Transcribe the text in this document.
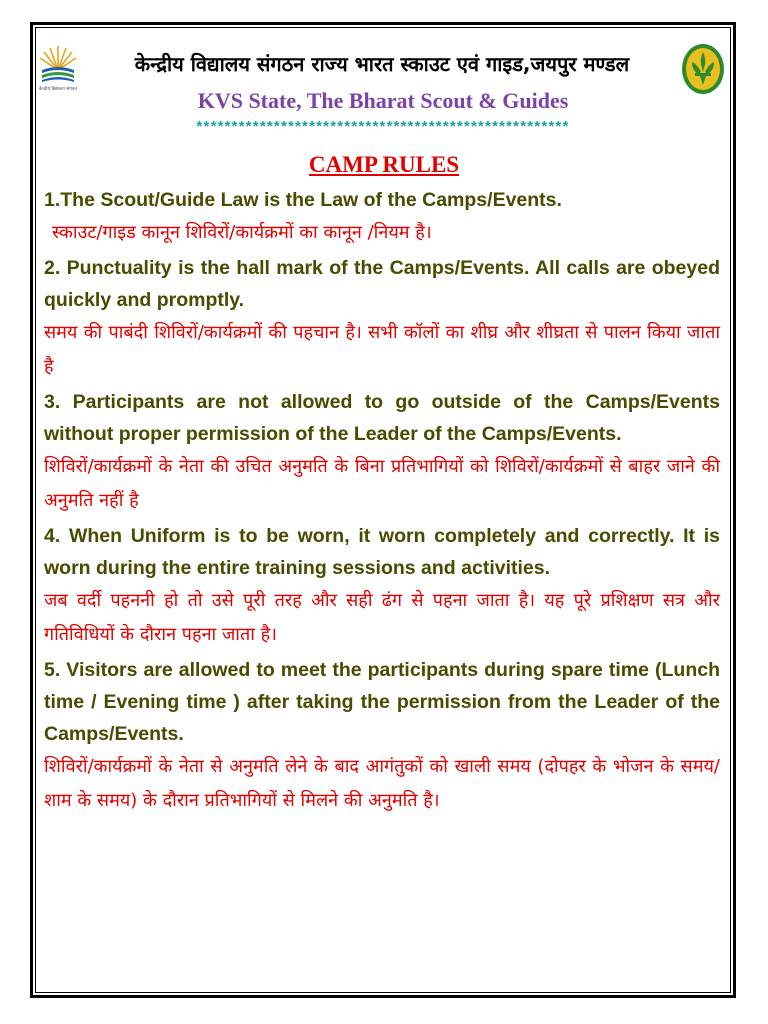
केन्द्रीय विद्यालय संगठन
केन्द्रीय विद्यालय संगठन राज्य भारत स्काउट एवं गाइड,जयपुर मण्डल
KVS State, The Bharat Scout & Guides
*****************************************************
CAMP RULES

1.The Scout/Guide Law is the Law of the Camps/Events.

स्काउट/गाइड कानून शिविरों/कार्यक्रमों का कानून /नियम है।

2. Punctuality is the hall mark of the Camps/Events. All calls are obeyed quickly and promptly.

समय की पाबंदी शिविरों/कार्यक्रमों की पहचान है। सभी कॉलों का शीघ्र और शीघ्रता से पालन किया जाता है

3. Participants are not allowed to go outside of the Camps/Events without proper permission of the Leader of the Camps/Events.

शिविरों/कार्यक्रमों के नेता की उचित अनुमति के बिना प्रतिभागियों को शिविरों/कार्यक्रमों से बाहर जाने की अनुमति नहीं है

4. When Uniform is to be worn, it worn completely and correctly. It is worn during the entire training sessions and activities.

जब वर्दी पहननी हो तो उसे पूरी तरह और सही ढंग से पहना जाता है। यह पूरे प्रशिक्षण सत्र और गतिविधियों के दौरान पहना जाता है।

5. Visitors are allowed to meet the participants during spare time (Lunch time / Evening time ) after taking the permission from the Leader of the Camps/Events.

शिविरों/कार्यक्रमों के नेता से अनुमति लेने के बाद आगंतुकों को खाली समय (दोपहर के भोजन के समय/शाम के समय) के दौरान प्रतिभागियों से मिलने की अनुमति है।
